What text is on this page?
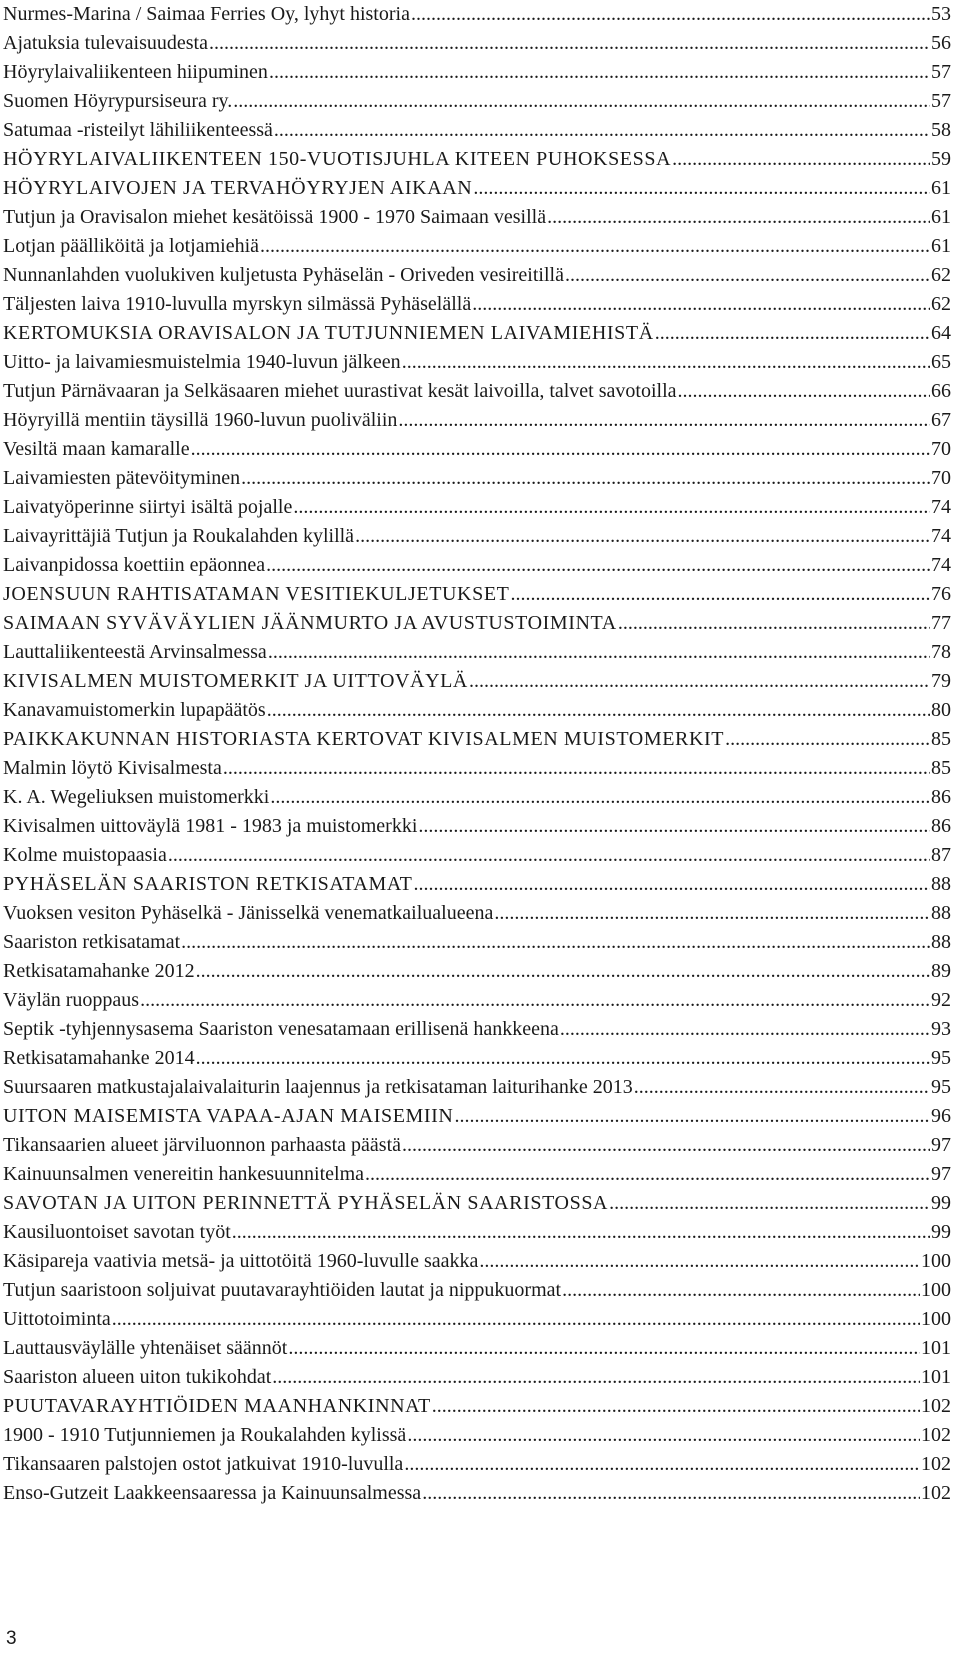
Nurmes-Marina / Saimaa Ferries Oy, lyhyt historia .....	53
Ajatuksia tulevaisuudesta .....	56
Höyrylaivaliikenteen hiipuminen .....	57
Suomen Höyrypursiseura ry. .....	57
Satumaa -risteilyt lähiliikenteessä .....	58
HÖYRYLAIVALIIKENTEEN 150-VUOTISJUHLA KITEEN PUHOKSESSA .....	59
HÖYRYLAIVOJEN JA TERVAHÖYRYJEN AIKAAN .....	61
Tutjun ja Oravisalon miehet kesätöissä 1900 - 1970 Saimaan vesillä .....	61
Lotjan päälliköitä ja lotjamiehiä .....	61
Nunnanlahden vuolukiven kuljetusta Pyhäselän - Oriveden vesireitillä .....	62
Täljesten laiva 1910-luvulla myrskyn silmässä Pyhäselällä .....	62
KERTOMUKSIA ORAVISALON JA TUTJUNNIEMEN LAIVAMIEHISTÄ .....	64
Uitto- ja laivamiesmuistelmia 1940-luvun jälkeen .....	65
Tutjun Pärnävaaran ja Selkäsaaren miehet uurastivat kesät laivoilla, talvet savotoilla .....	66
Höyryillä mentiin täysillä 1960-luvun puoliväliin .....	67
Vesiltä maan kamaralle .....	70
Laivamiesten pätevöityminen .....	70
Laivatyöperinne siirtyi isältä pojalle .....	74
Laivayrittäjiä Tutjun ja Roukalahden kylillä .....	74
Laivanpidossa koettiin epäonnea .....	74
JOENSUUN RAHTISATAMAN VESITIEKULJETUKSET .....	76
SAIMAAN SYVÄVÄYLIEN JÄÄNMURTO JA AVUSTUSTOIMINTA .....	77
Lauttaliikenteestä Arvinsalmessa .....	78
KIVISALMEN MUISTOMERKIT JA UITTOVÄYLÄ .....	79
Kanavamuistomerkin lupapäätös .....	80
PAIKKAKUNNAN HISTORIASTA KERTOVAT KIVISALMEN MUISTOMERKIT .....	85
Malmin löytö Kivisalmesta .....	85
K. A. Wegeliuksen muistomerkki .....	86
Kivisalmen uittoväylä 1981 - 1983 ja muistomerkki .....	86
Kolme muistopaasia .....	87
PYHÄSELÄN SAARISTON RETKISATAMAT .....	88
Vuoksen vesiton Pyhäselkä - Jänisselkä venematkailualueena .....	88
Saariston retkisatamat .....	88
Retkisatamahanke 2012 .....	89
Väylän ruoppaus .....	92
Septik -tyhjennysasema Saariston venesatamaan erillisenä hankkeena .....	93
Retkisatamahanke 2014 .....	95
Suursaaren matkustajalaivalaiturin laajennus ja retkisataman laiturihanke 2013 .....	95
UITON MAISEMISTA VAPAA-AJAN MAISEMIIN .....	96
Tikansaarien alueet järviluonnon parhaasta päästä .....	97
Kainuunsalmen venereitin hankesuunnitelma .....	97
SAVOTAN JA UITON PERINNETTÄ PYHÄSELÄN SAARISTOSSA .....	99
Kausiluontoiset savotan työt .....	99
Käsipareja vaativia metsä- ja uittotöitä 1960-luvulle saakka .....	100
Tutjun saaristoon soljuivat puutavarayhtiöiden lautat ja nippukuormat .....	100
Uittotoiminta .....	100
Lauttausväylälle yhtenäiset säännöt .....	101
Saariston alueen uiton tukikohdat .....	101
PUUTAVARAYHTIÖIDEN MAANHANKINNAT .....	102
1900 - 1910 Tutjunniemen ja Roukalahden kylissä .....	102
Tikansaaren palstojen ostot jatkuivat 1910-luvulla .....	102
Enso-Gutzeit Laakkeensaaressa ja Kainuunsalmessa .....	102
3
